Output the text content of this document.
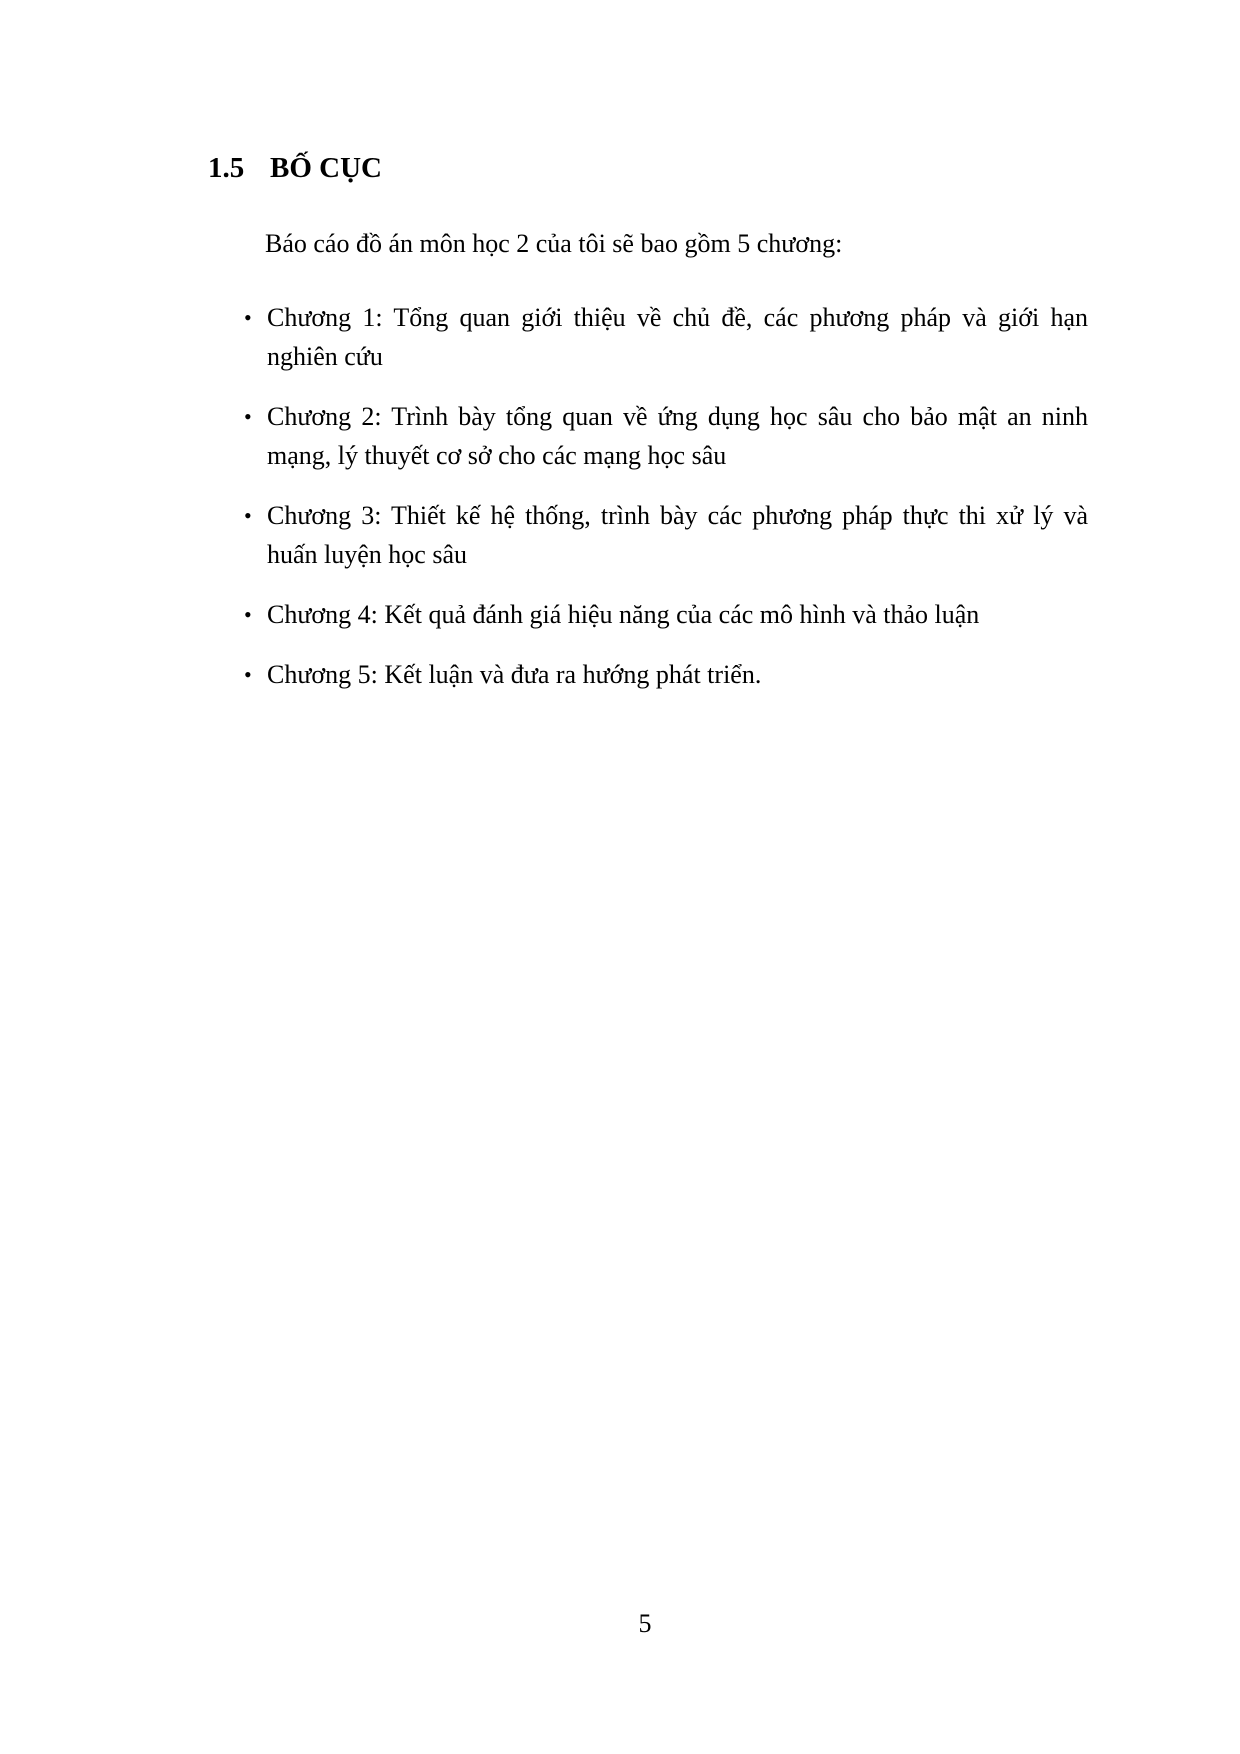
1.5 BỐ CỤC
Báo cáo đồ án môn học 2 của tôi sẽ bao gồm 5 chương:
• Chương 1: Tổng quan giới thiệu về chủ đề, các phương pháp và giới hạn nghiên cứu
• Chương 2: Trình bày tổng quan về ứng dụng học sâu cho bảo mật an ninh mạng, lý thuyết cơ sở cho các mạng học sâu
• Chương 3: Thiết kế hệ thống, trình bày các phương pháp thực thi xử lý và huấn luyện học sâu
• Chương 4: Kết quả đánh giá hiệu năng của các mô hình và thảo luận
• Chương 5: Kết luận và đưa ra hướng phát triển.
5
